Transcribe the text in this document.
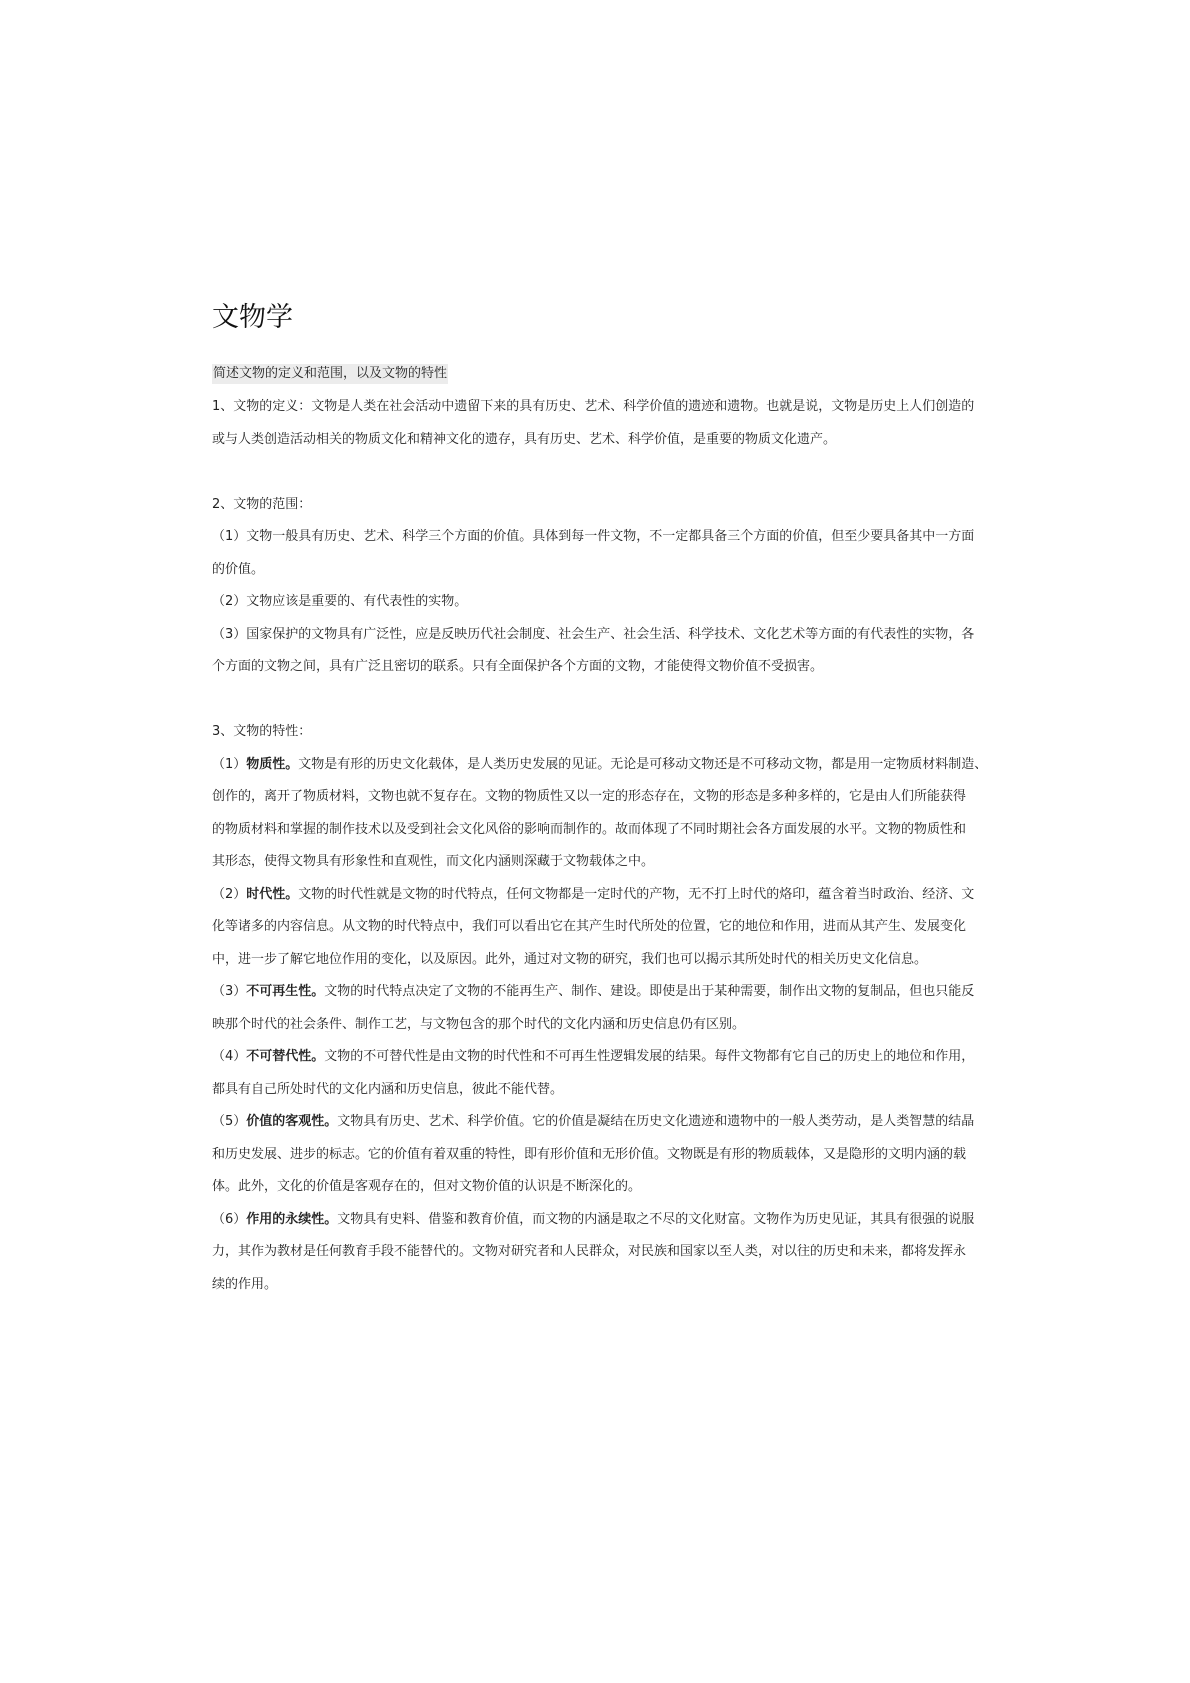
文物学
简述文物的定义和范围，以及文物的特性

1、文物的定义：文物是人类在社会活动中遗留下来的具有历史、艺术、科学价值的遗迹和遗物。也就是说，文物是历史上人们创造的

或与人类创造活动相关的物质文化和精神文化的遗存，具有历史、艺术、科学价值，是重要的物质文化遗产。

2、文物的范围：

（1）文物一般具有历史、艺术、科学三个方面的价值。具体到每一件文物，不一定都具备三个方面的价值，但至少要具备其中一方面

的价值。

（2）文物应该是重要的、有代表性的实物。

（3）国家保护的文物具有广泛性，应是反映历代社会制度、社会生产、社会生活、科学技术、文化艺术等方面的有代表性的实物，各

个方面的文物之间，具有广泛且密切的联系。只有全面保护各个方面的文物，才能使得文物价值不受损害。

3、文物的特性：

（1）物质性。文物是有形的历史文化载体，是人类历史发展的见证。无论是可移动文物还是不可移动文物，都是用一定物质材料制造、

创作的，离开了物质材料，文物也就不复存在。文物的物质性又以一定的形态存在，文物的形态是多种多样的，它是由人们所能获得

的物质材料和掌握的制作技术以及受到社会文化风俗的影响而制作的。故而体现了不同时期社会各方面发展的水平。文物的物质性和

其形态，使得文物具有形象性和直观性，而文化内涵则深藏于文物载体之中。

（2）时代性。文物的时代性就是文物的时代特点，任何文物都是一定时代的产物，无不打上时代的烙印，蕴含着当时政治、经济、文

化等诸多的内容信息。从文物的时代特点中，我们可以看出它在其产生时代所处的位置，它的地位和作用，进而从其产生、发展变化

中，进一步了解它地位作用的变化，以及原因。此外，通过对文物的研究，我们也可以揭示其所处时代的相关历史文化信息。

（3）不可再生性。文物的时代特点决定了文物的不能再生产、制作、建设。即使是出于某种需要，制作出文物的复制品，但也只能反

映那个时代的社会条件、制作工艺，与文物包含的那个时代的文化内涵和历史信息仍有区别。

（4）不可替代性。文物的不可替代性是由文物的时代性和不可再生性逻辑发展的结果。每件文物都有它自己的历史上的地位和作用，

都具有自己所处时代的文化内涵和历史信息，彼此不能代替。

（5）价值的客观性。文物具有历史、艺术、科学价值。它的价值是凝结在历史文化遗迹和遗物中的一般人类劳动，是人类智慧的结晶

和历史发展、进步的标志。它的价值有着双重的特性，即有形价值和无形价值。文物既是有形的物质载体，又是隐形的文明内涵的载

体。此外，文化的价值是客观存在的，但对文物价值的认识是不断深化的。

（6）作用的永续性。文物具有史料、借鉴和教育价值，而文物的内涵是取之不尽的文化财富。文物作为历史见证，其具有很强的说服

力，其作为教材是任何教育手段不能替代的。文物对研究者和人民群众，对民族和国家以至人类，对以往的历史和未来，都将发挥永

续的作用。
